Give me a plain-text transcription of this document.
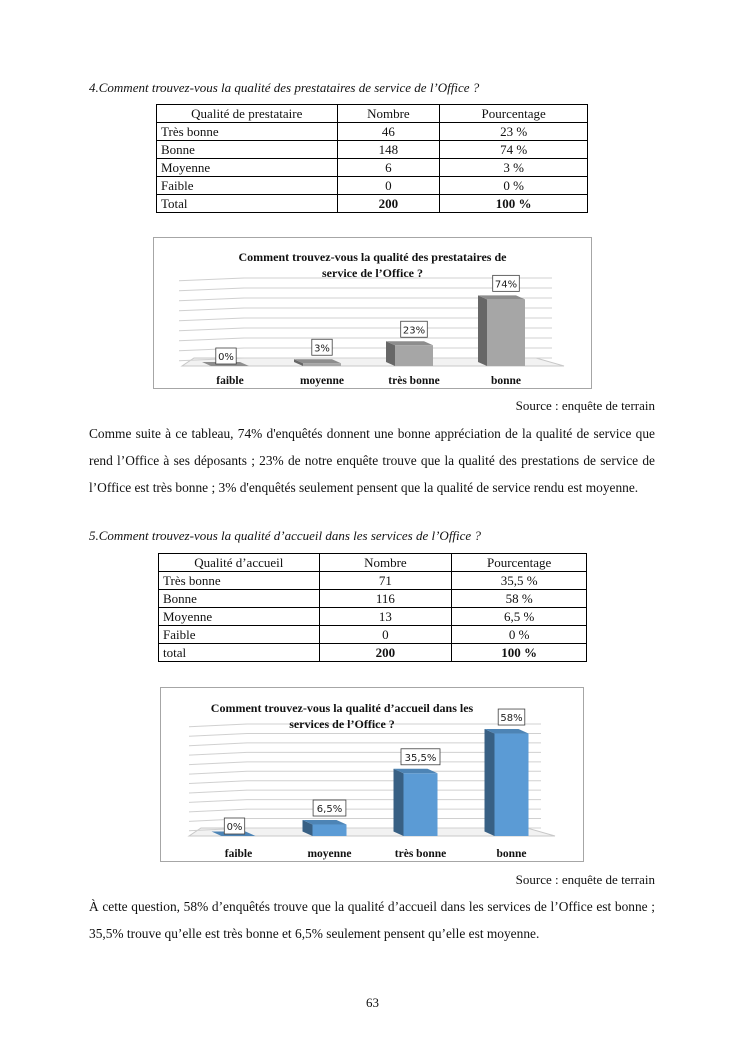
4.Comment trouvez-vous la qualité des prestataires de service de l’Office ?
Qualité de prestataire	Nombre	Pourcentage
Très bonne	46	23 %
Bonne	148	74 %
Moyenne	6	3 %
Faible	0	0 %
Total	200	100 %
0%
faible
3%
moyenne
23%
très bonne
74%
bonne
Comment trouvez-vous la qualité des prestataires de
service de l’Office ?
Source : enquête de terrain
Comme suite à ce tableau, 74% d'enquêtés donnent une bonne appréciation de la qualité de service que rend l’Office à ses déposants ; 23% de notre enquête trouve que la qualité des prestations de service de l’Office est très bonne ; 3% d'enquêtés seulement pensent que la qualité de service rendu est moyenne.
5.Comment trouvez-vous la qualité d’accueil dans les services de l’Office ?
Qualité d’accueil	Nombre	Pourcentage
Très bonne	71	35,5 %
Bonne	116	58 %
Moyenne	13	6,5 %
Faible	0	0 %
total	200	100 %
0%
faible
6,5%
moyenne
35,5%
très bonne
58%
bonne
Comment trouvez-vous la qualité d’accueil dans les
services de l’Office ?
Source : enquête de terrain
À cette question, 58% d’enquêtés trouve que la qualité d’accueil dans les services de l’Office est bonne ; 35,5% trouve qu’elle est très bonne et 6,5% seulement pensent qu’elle est moyenne.
63
